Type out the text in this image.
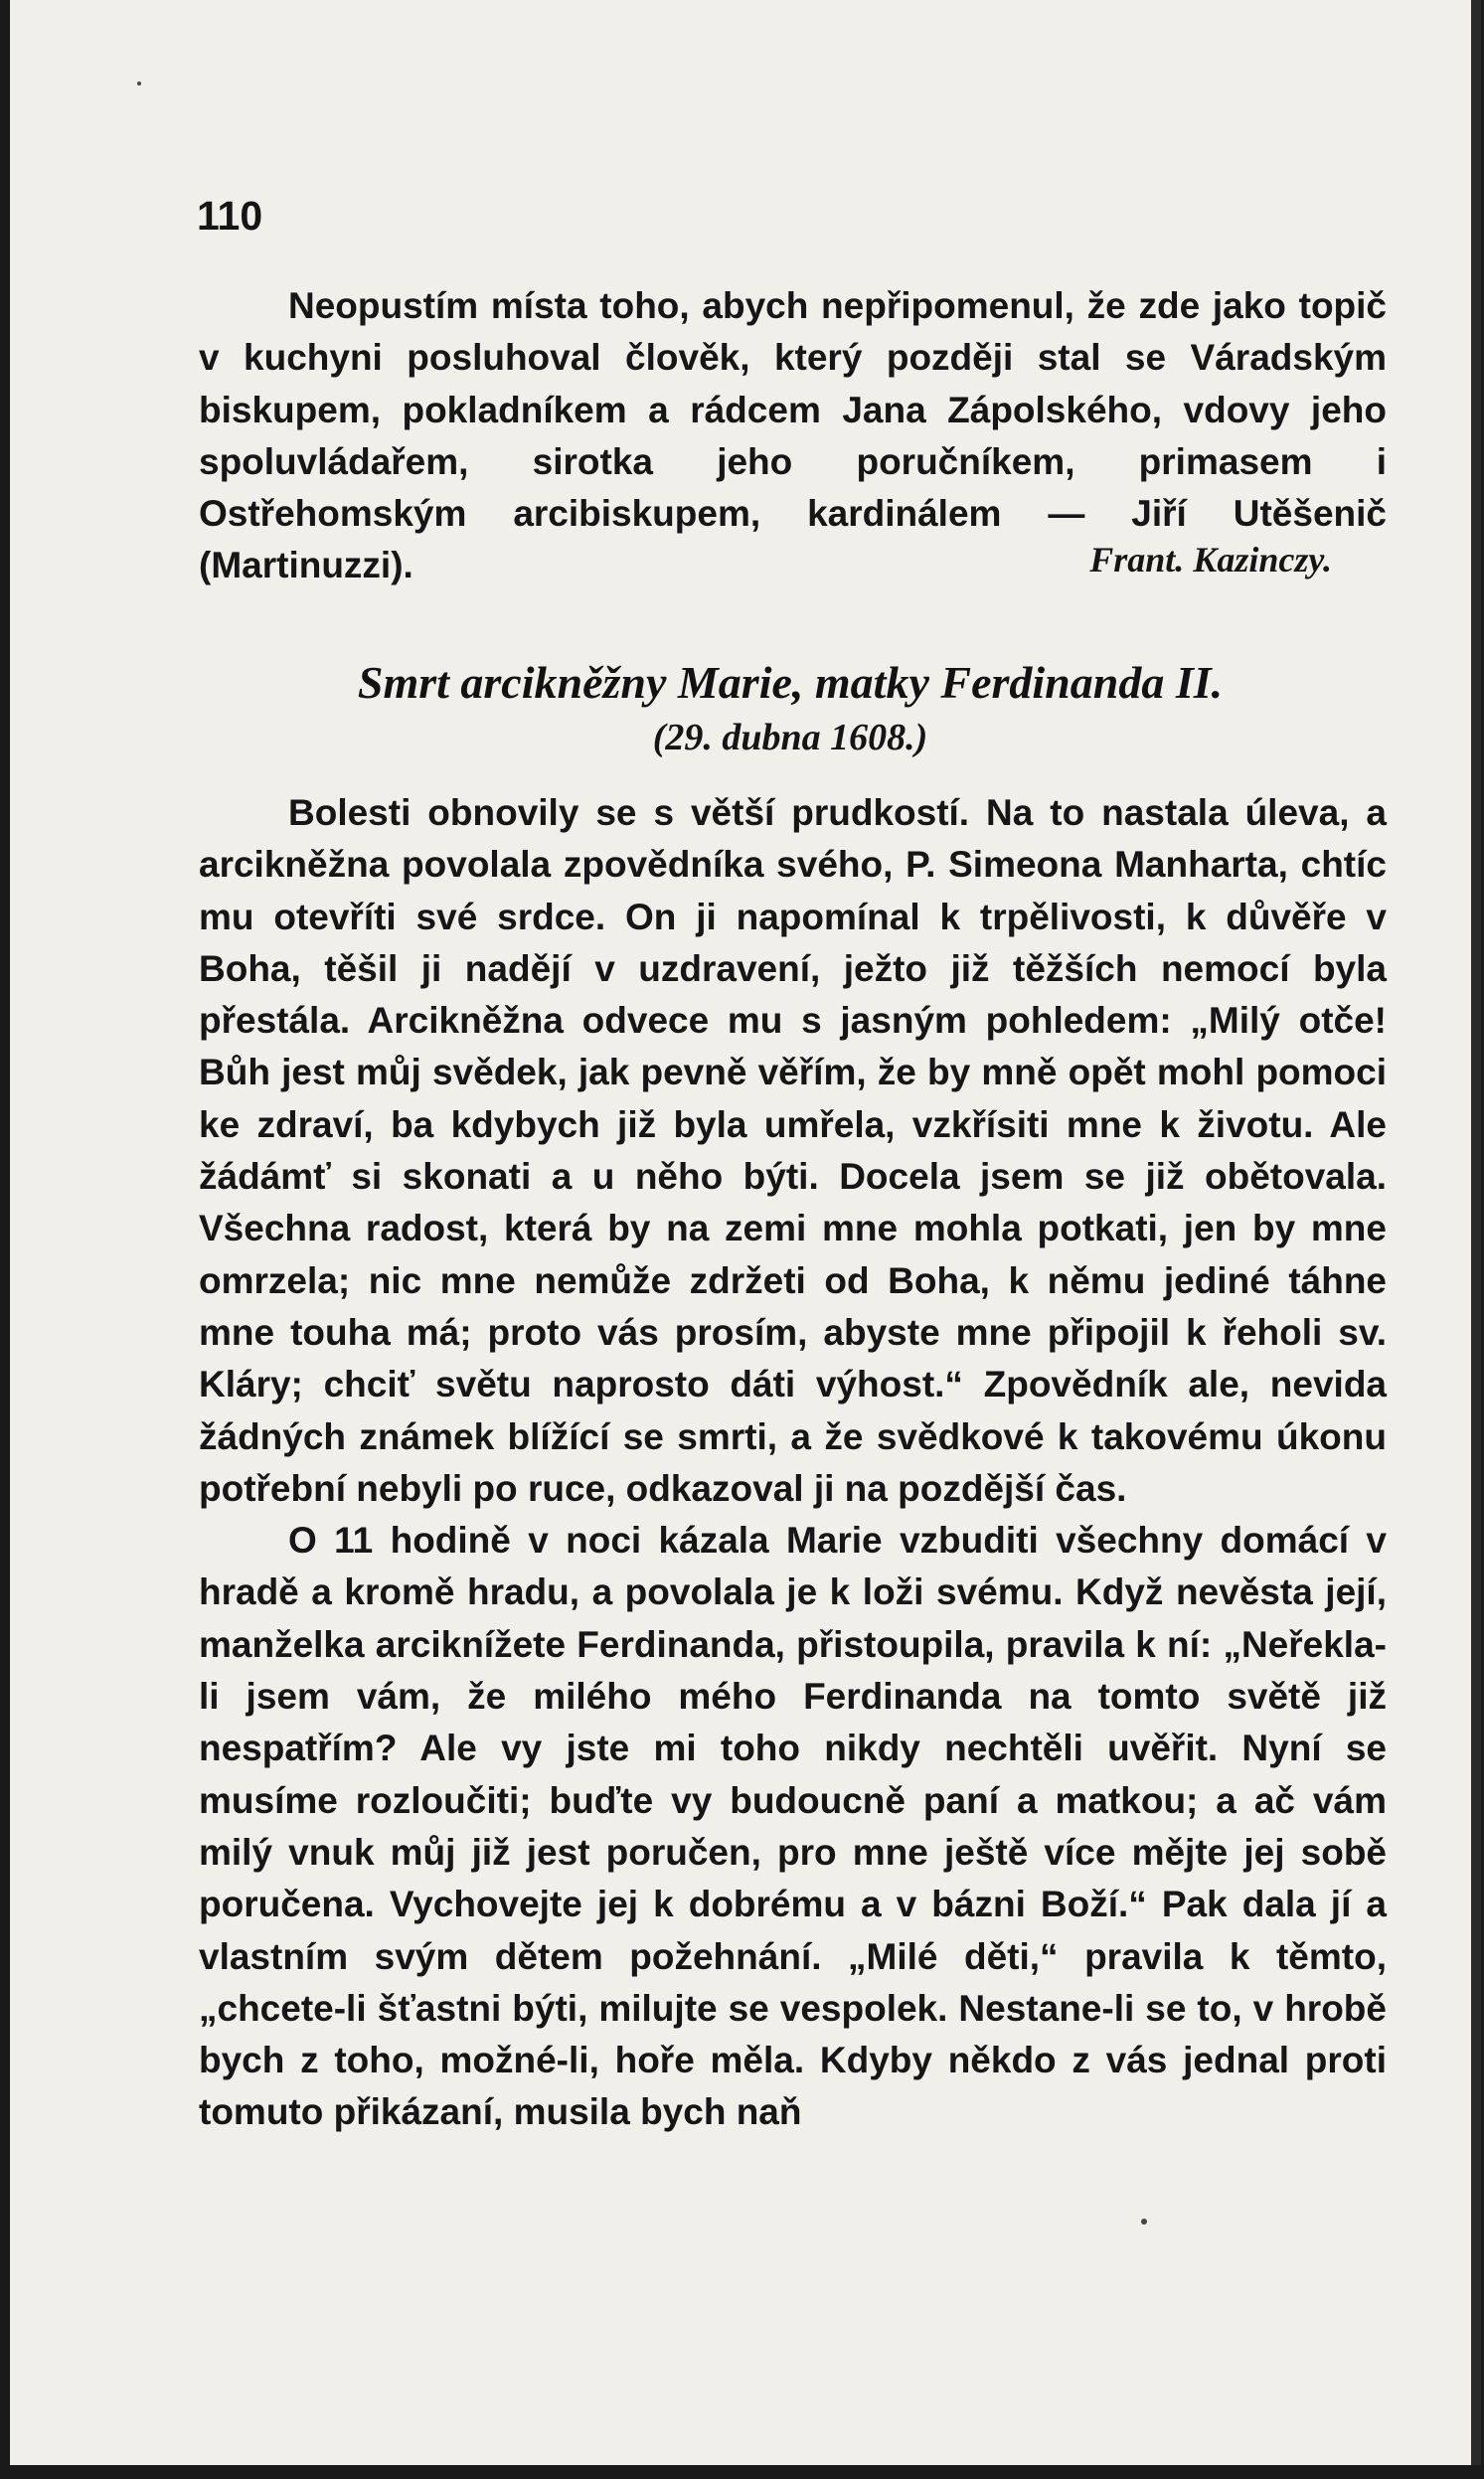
110

Neopustím místa toho, abych nepřipomenul, že zde jako topič v kuchyni posluhoval člověk, který později stal se Váradským biskupem, pokladníkem a rádcem Jana Zápolského, vdovy jeho spoluvládařem, sirotka jeho poručníkem, primasem i Ostřehomským arcibiskupem, kardinálem — Jiří Utěšenič (Martinuzzi).	Frant. Kazinczy.
Smrt arcikněžny Marie, matky Ferdinanda II.
(29. dubna 1608.)

Bolesti obnovily se s větší prudkostí. Na to nastala úleva, a arcikněžna povolala zpovědníka svého, P. Simeona Manharta, chtíc mu otevříti své srdce. On ji napomínal k trpělivosti, k důvěře v Boha, těšil ji nadějí v uzdravení, ježto již těžších nemocí byla přestála. Arcikněžna odvece mu s jasným pohledem: „Milý otče! Bůh jest můj svědek, jak pevně věřím, že by mně opět mohl pomoci ke zdraví, ba kdybych již byla umřela, vzkřísiti mne k životu. Ale žádámť si skonati a u něho býti. Docela jsem se již obětovala. Všechna radost, která by na zemi mne mohla potkati, jen by mne omrzela; nic mne nemůže zdržeti od Boha, k němu jediné táhne mne touha má; proto vás prosím, abyste mne připojil k řeholi sv. Kláry; chciť světu naprosto dáti výhost.“ Zpovědník ale, nevida žádných známek blížící se smrti, a že svědkové k takovému úkonu potřební nebyli po ruce, odkazoval ji na pozdější čas.

O 11 hodině v noci kázala Marie vzbuditi všechny domácí v hradě a kromě hradu, a povolala je k loži svému. Když nevěsta její, manželka arciknížete Ferdinanda, přistoupila, pravila k ní: „Neřekla-li jsem vám, že milého mého Ferdinanda na tomto světě již nespatřím? Ale vy jste mi toho nikdy nechtěli uvěřit. Nyní se musíme rozloučiti; buďte vy budoucně paní a matkou; a ač vám milý vnuk můj již jest poručen, pro mne ještě více mějte jej sobě poručena. Vychovejte jej k dobrému a v bázni Boží.“ Pak dala jí a vlastním svým dětem požehnání. „Milé děti,“ pravila k těmto, „chcete-li šťastni býti, milujte se vespolek. Nestane-li se to, v hrobě bych z toho, možné-li, hoře měla. Kdyby někdo z vás jednal proti tomuto přikázaní, musila bych naň
